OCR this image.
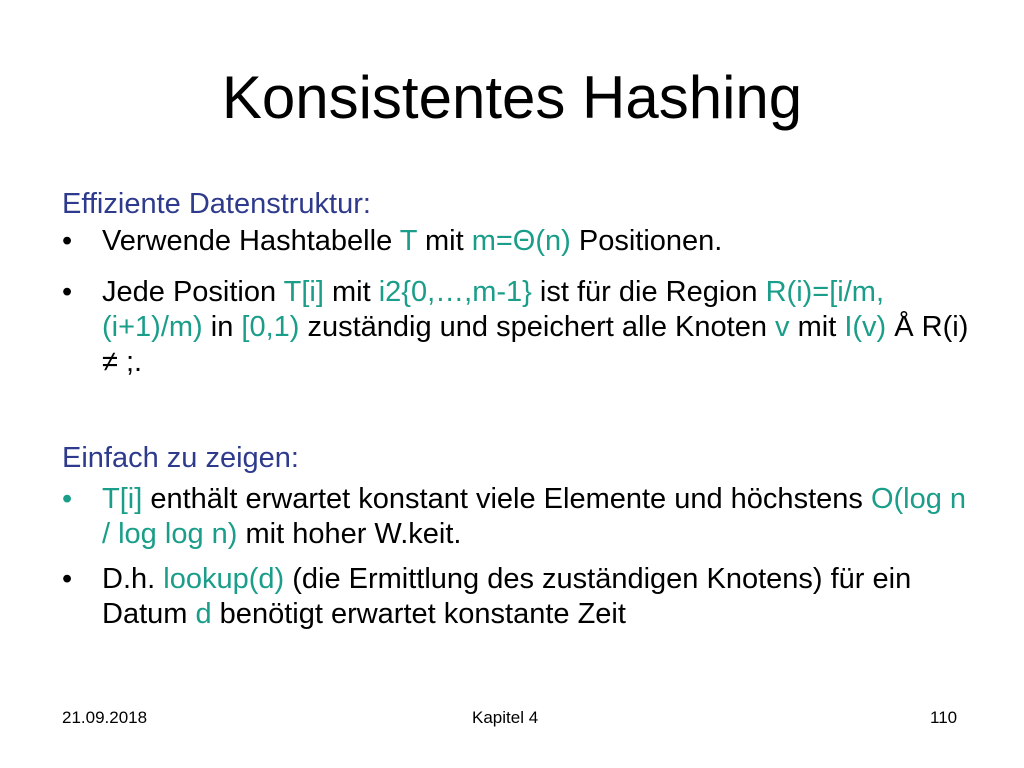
Konsistentes Hashing
Effiziente Datenstruktur:
• Verwende Hashtabelle T mit m=Θ(n) Positionen.
• Jede Position T[i] mit i2{0,…,m-1} ist für die Region R(i)=[i/m, (i+1)/m) in [0,1) zuständig und speichert alle Knoten v mit I(v) Å R(i) ≠ ;.
Einfach zu zeigen:
• T[i] enthält erwartet konstant viele Elemente und höchstens O(log n / log log n) mit hoher W.keit.
• D.h. lookup(d) (die Ermittlung des zuständigen Knotens) für ein Datum d benötigt erwartet konstante Zeit
21.09.2018	Kapitel 4	110
